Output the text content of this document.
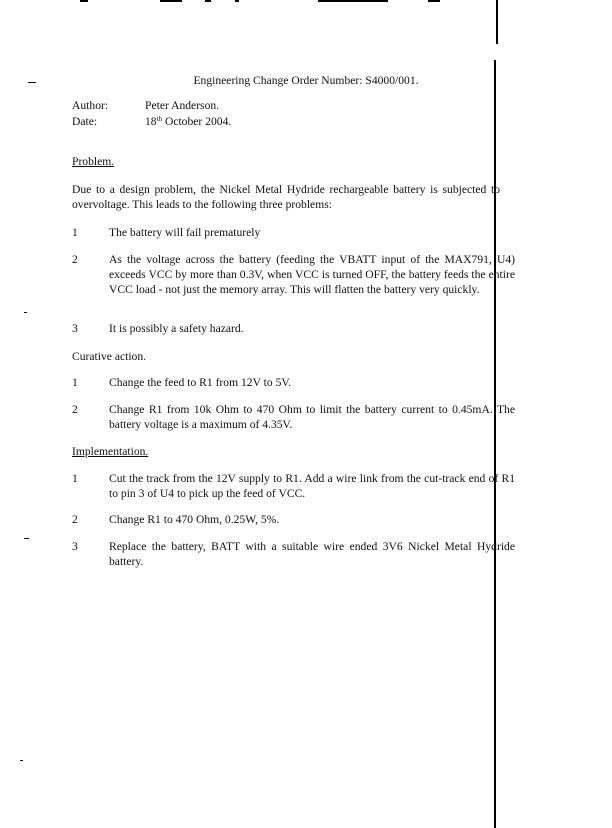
Engineering Change Order Number: S4000/001.
Author:	Peter Anderson.
Date:	18th October 2004.
Problem.
Due to a design problem, the Nickel Metal Hydride rechargeable battery is subjected to overvoltage. This leads to the following three problems:
1	The battery will fail prematurely
2	As the voltage across the battery (feeding the VBATT input of the MAX791, U4) exceeds VCC by more than 0.3V, when VCC is turned OFF, the battery feeds the entire VCC load - not just the memory array. This will flatten the battery very quickly.
3	It is possibly a safety hazard.
Curative action.
1	Change the feed to R1 from 12V to 5V.
2	Change R1 from 10k Ohm to 470 Ohm to limit the battery current to 0.45mA. The battery voltage is a maximum of 4.35V.
Implementation.
1	Cut the track from the 12V supply to R1. Add a wire link from the cut-track end of R1 to pin 3 of U4 to pick up the feed of VCC.
2	Change R1 to 470 Ohm, 0.25W, 5%.
3	Replace the battery, BATT with a suitable wire ended 3V6 Nickel Metal Hydride battery.
